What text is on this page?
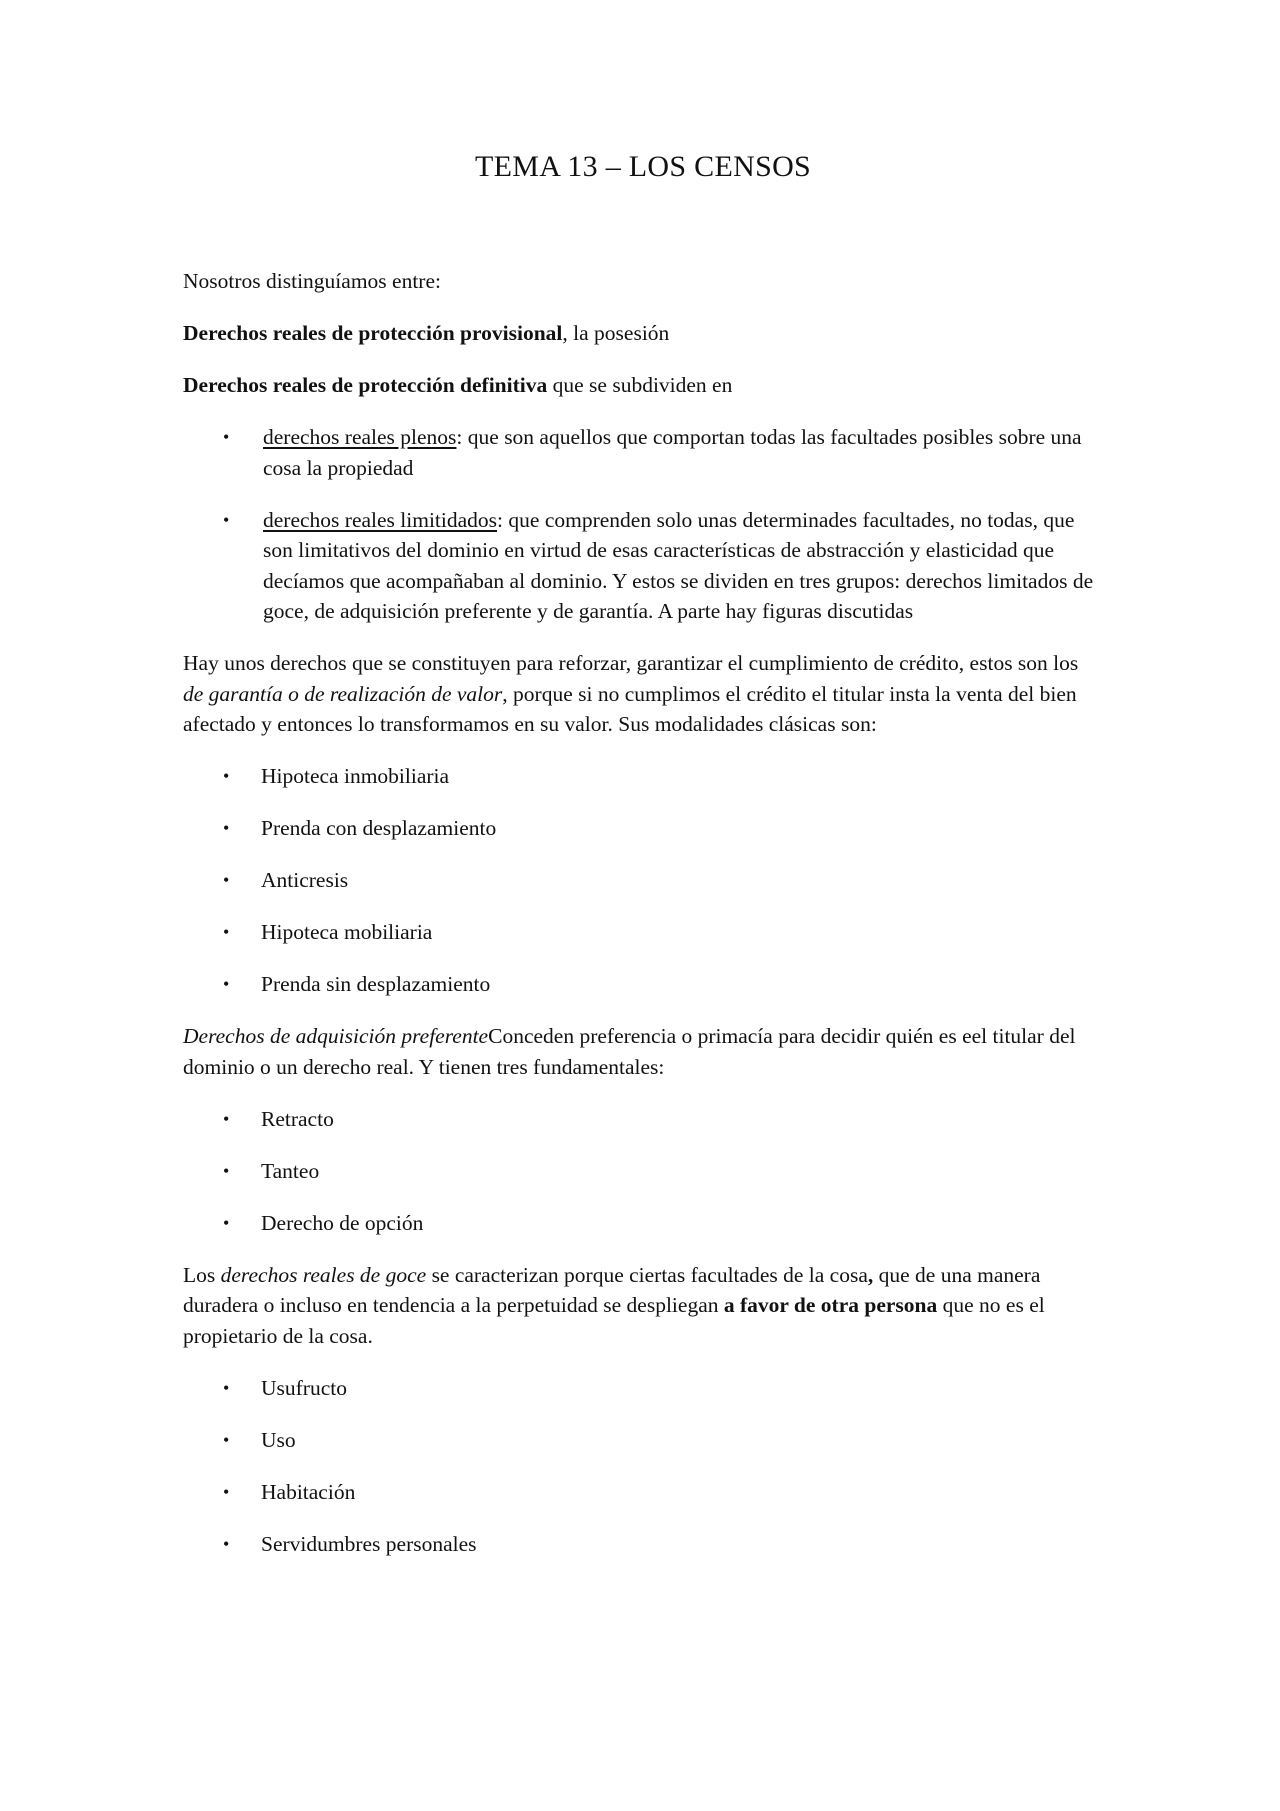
TEMA 13 – LOS CENSOS

Nosotros distinguíamos entre:

Derechos reales de protección provisional, la posesión

Derechos reales de protección definitiva que se subdividen en

• derechos reales plenos: que son aquellos que comportan todas las facultades posibles sobre una cosa la propiedad
• derechos reales limitidados: que comprenden solo unas determinades facultades, no todas, que son limitativos del dominio en virtud de esas características de abstracción y elasticidad que decíamos que acompañaban al dominio. Y estos se dividen en tres grupos: derechos limitados de goce, de adquisición preferente y de garantía. A parte hay figuras discutidas

Hay unos derechos que se constituyen para reforzar, garantizar el cumplimiento de crédito, estos son los de garantía o de realización de valor, porque si no cumplimos el crédito el titular insta la venta del bien afectado y entonces lo transformamos en su valor. Sus modalidades clásicas son:

• Hipoteca inmobiliaria
• Prenda con desplazamiento
• Anticresis
• Hipoteca mobiliaria
• Prenda sin desplazamiento

Derechos de adquisición preferenteConceden preferencia o primacía para decidir quién es eel titular del dominio o un derecho real. Y tienen tres fundamentales:

• Retracto
• Tanteo
• Derecho de opción

Los derechos reales de goce se caracterizan porque ciertas facultades de la cosa, que de una manera duradera o incluso en tendencia a la perpetuidad se despliegan a favor de otra persona que no es el propietario de la cosa.

• Usufructo
• Uso
• Habitación
• Servidumbres personales
